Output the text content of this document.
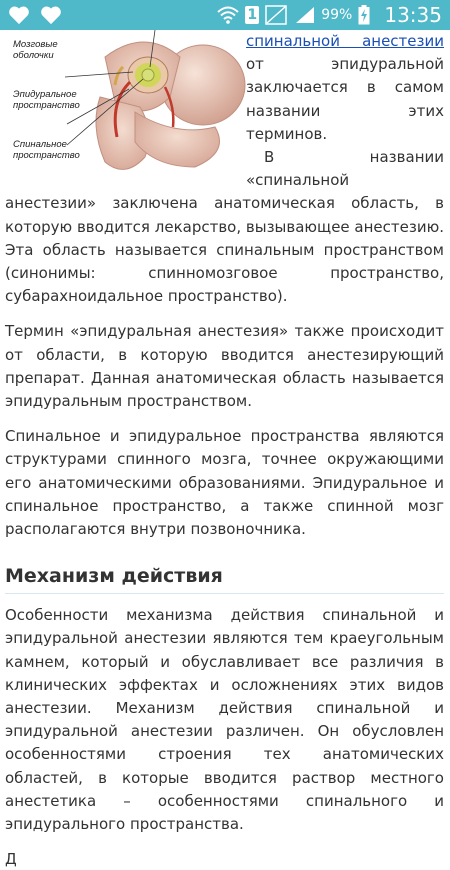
1	99% 13:35
Мозговые оболочки
Эпидуральное пространство
Спинальное пространство

спинальной анестезии от эпидуральной заключается в самом названии этих терминов.

В названии «спинальной анестезии» заключена анатомическая область, в которую вводится лекарство, вызывающее анестезию. Эта область называется спинальным пространством (синонимы: спинномозговое пространство, субарахноидальное пространство).

Термин «эпидуральная анестезия» также происходит от области, в которую вводится анестезирующий препарат. Данная анатомическая область называется эпидуральным пространством.

Спинальное и эпидуральное пространства являются структурами спинного мозга, точнее окружающими его анатомическими образованиями. Эпидуральное и спинальное пространство, а также спинной мозг располагаются внутри позвоночника.

Механизм действия

Особенности механизма действия спинальной и эпидуральной анестезии являются тем краеугольным камнем, который и обуславливает все различия в клинических эффектах и осложнениях этих видов анестезии. Механизм действия спинальной и эпидуральной анестезии различен. Он обусловлен особенностями строения тех анатомических областей, в которые вводится раствор местного анестетика – особенностями спинального и эпидурального пространства.

Д
